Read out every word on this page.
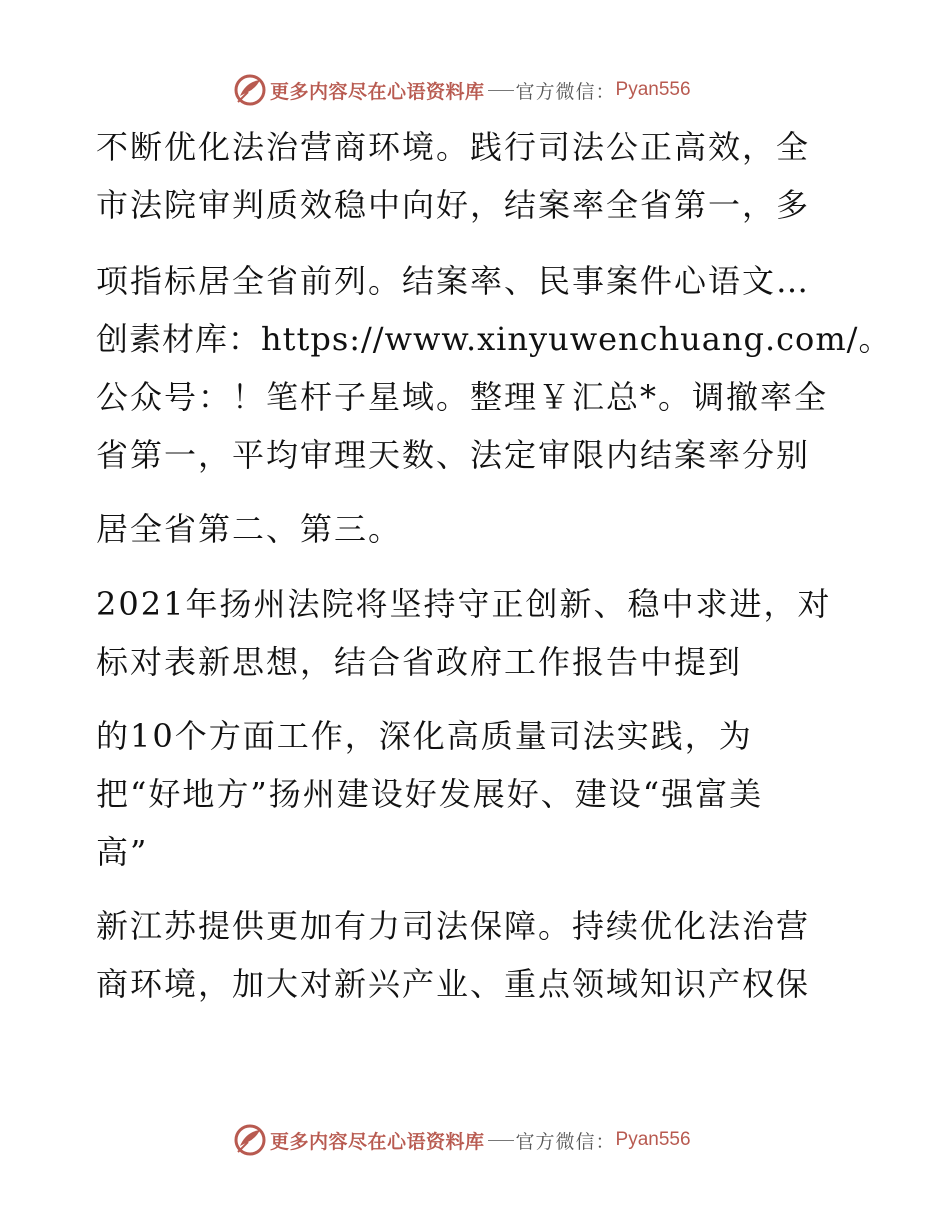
更多内容尽在心语资料库 官方微信： Pyan556

不断优化法治营商环境。践行司法公正高效，全

市法院审判质效稳中向好，结案率全省第一，多

项指标居全省前列。结案率、民事案件心语文…

创素材库：https://www.xinyuwenchuang.com/。

公众号：！笔杆子星域。整理￥汇总*。调撤率全

省第一，平均审理天数、法定审限内结案率分别

居全省第二、第三。

2021年扬州法院将坚持守正创新、稳中求进，对

标对表新思想，结合省政府工作报告中提到

的10个方面工作，深化高质量司法实践，为

把“好地方”扬州建设好发展好、建设“强富美

高”

新江苏提供更加有力司法保障。持续优化法治营

商环境，加大对新兴产业、重点领域知识产权保

更多内容尽在心语资料库 官方微信： Pyan556
